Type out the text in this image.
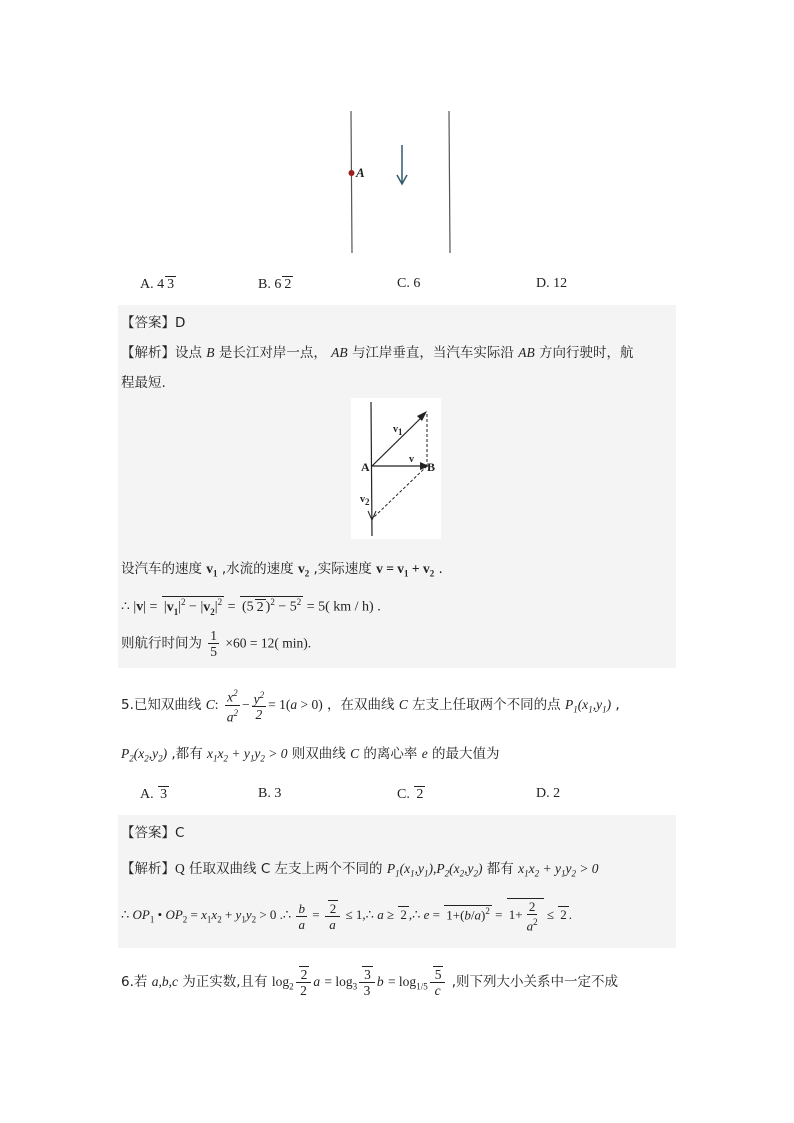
A
A. 4 3	B. 6 2	C. 6	D. 12
【答案】D
【解析】设点 B 是长江对岸一点， AB 与江岸垂直，当汽车实际沿 AB 方向行驶时，航
程最短.
$v_1$
v
$v_2$
A	B
设汽车的速度 $v_1$ ,水流的速度 $v_2$ ,实际速度 $v = v_1 + v_2$ .
∴ $|v| = |v_1|^2 - |v_2|^2 = (5$ 2 )$^2 - 5^2 = 5$( km / h) .
则航行时间为 $\frac{1}{5} \times 60 = 12$( min).
5.已知双曲线 C: $\frac{x^2}{a^2} - \frac{y^2}{2} = 1(a > 0)$ ，在双曲线 C 左支上任取两个不同的点 $P_1(x_1,y_1)$ ,
$P_2(x_2,y_2)$ ,都有 $x_1x_2 + y_1y_2 > 0$ 则双曲线 C 的离心率 e 的最大值为
A. 3	B. 3	C. 2	D. 2
【答案】C
【解析】Q 任取双曲线 C 左支上两个不同的 $P_1(x_1,y_1),P_2(x_2,y_2)$ 都有 $x_1x_2 + y_1y_2 > 0$
∴ $OP_1$ • $OP_2 = x_1x_2 + y_1y_2 > 0$ .∴ $\frac{b}{a} = \frac{2}{a}$ ≤ 1,∴ a ≥ 2 ,∴ $e = 1+(b/a)^2 = 1+ \frac{2}{a^2} \le 2$ .
6.若 a,b,c 为正实数,且有 $\log_2 \frac{2}{2}$ $a = \log_3 \frac{3}{3}$ $b = \log_{1/5} \frac{5}{c}$ ,则下列大小关系中一定不成
